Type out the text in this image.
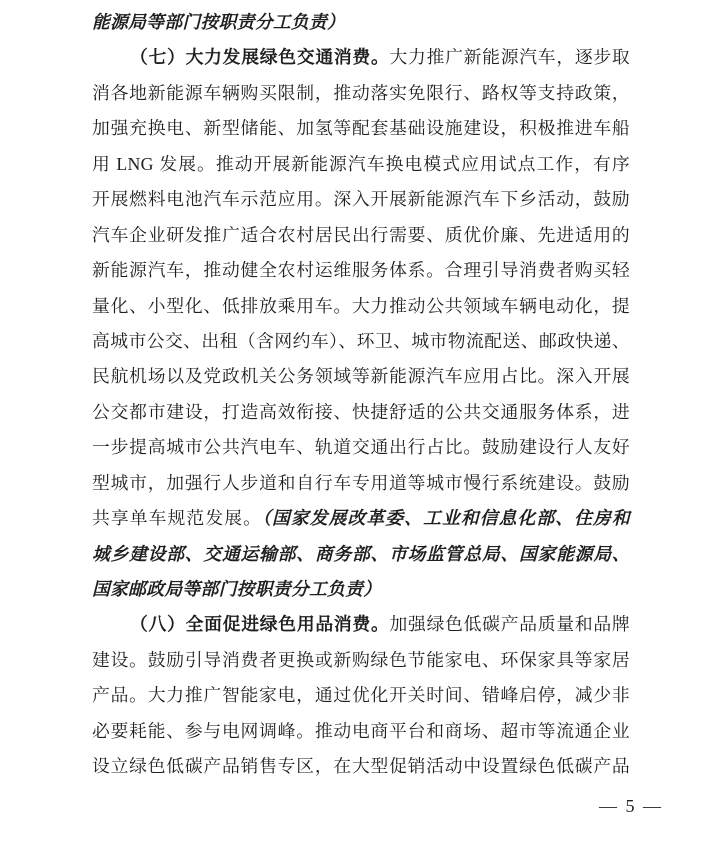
能源局等部门按职责分工负责）
（七）大力发展绿色交通消费。大力推广新能源汽车，逐步取
消各地新能源车辆购买限制，推动落实免限行、路权等支持政策，
加强充换电、新型储能、加氢等配套基础设施建设，积极推进车船
用 LNG 发展。推动开展新能源汽车换电模式应用试点工作，有序
开展燃料电池汽车示范应用。深入开展新能源汽车下乡活动，鼓励
汽车企业研发推广适合农村居民出行需要、质优价廉、先进适用的
新能源汽车，推动健全农村运维服务体系。合理引导消费者购买轻
量化、小型化、低排放乘用车。大力推动公共领域车辆电动化，提
高城市公交、出租（含网约车）、环卫、城市物流配送、邮政快递、
民航机场以及党政机关公务领域等新能源汽车应用占比。深入开展
公交都市建设，打造高效衔接、快捷舒适的公共交通服务体系，进
一步提高城市公共汽电车、轨道交通出行占比。鼓励建设行人友好
型城市，加强行人步道和自行车专用道等城市慢行系统建设。鼓励
共享单车规范发展。（国家发展改革委、工业和信息化部、住房和
城乡建设部、交通运输部、商务部、市场监管总局、国家能源局、
国家邮政局等部门按职责分工负责）
（八）全面促进绿色用品消费。加强绿色低碳产品质量和品牌
建设。鼓励引导消费者更换或新购绿色节能家电、环保家具等家居
产品。大力推广智能家电，通过优化开关时间、错峰启停，减少非
必要耗能、参与电网调峰。推动电商平台和商场、超市等流通企业
设立绿色低碳产品销售专区，在大型促销活动中设置绿色低碳产品
— 5 —
